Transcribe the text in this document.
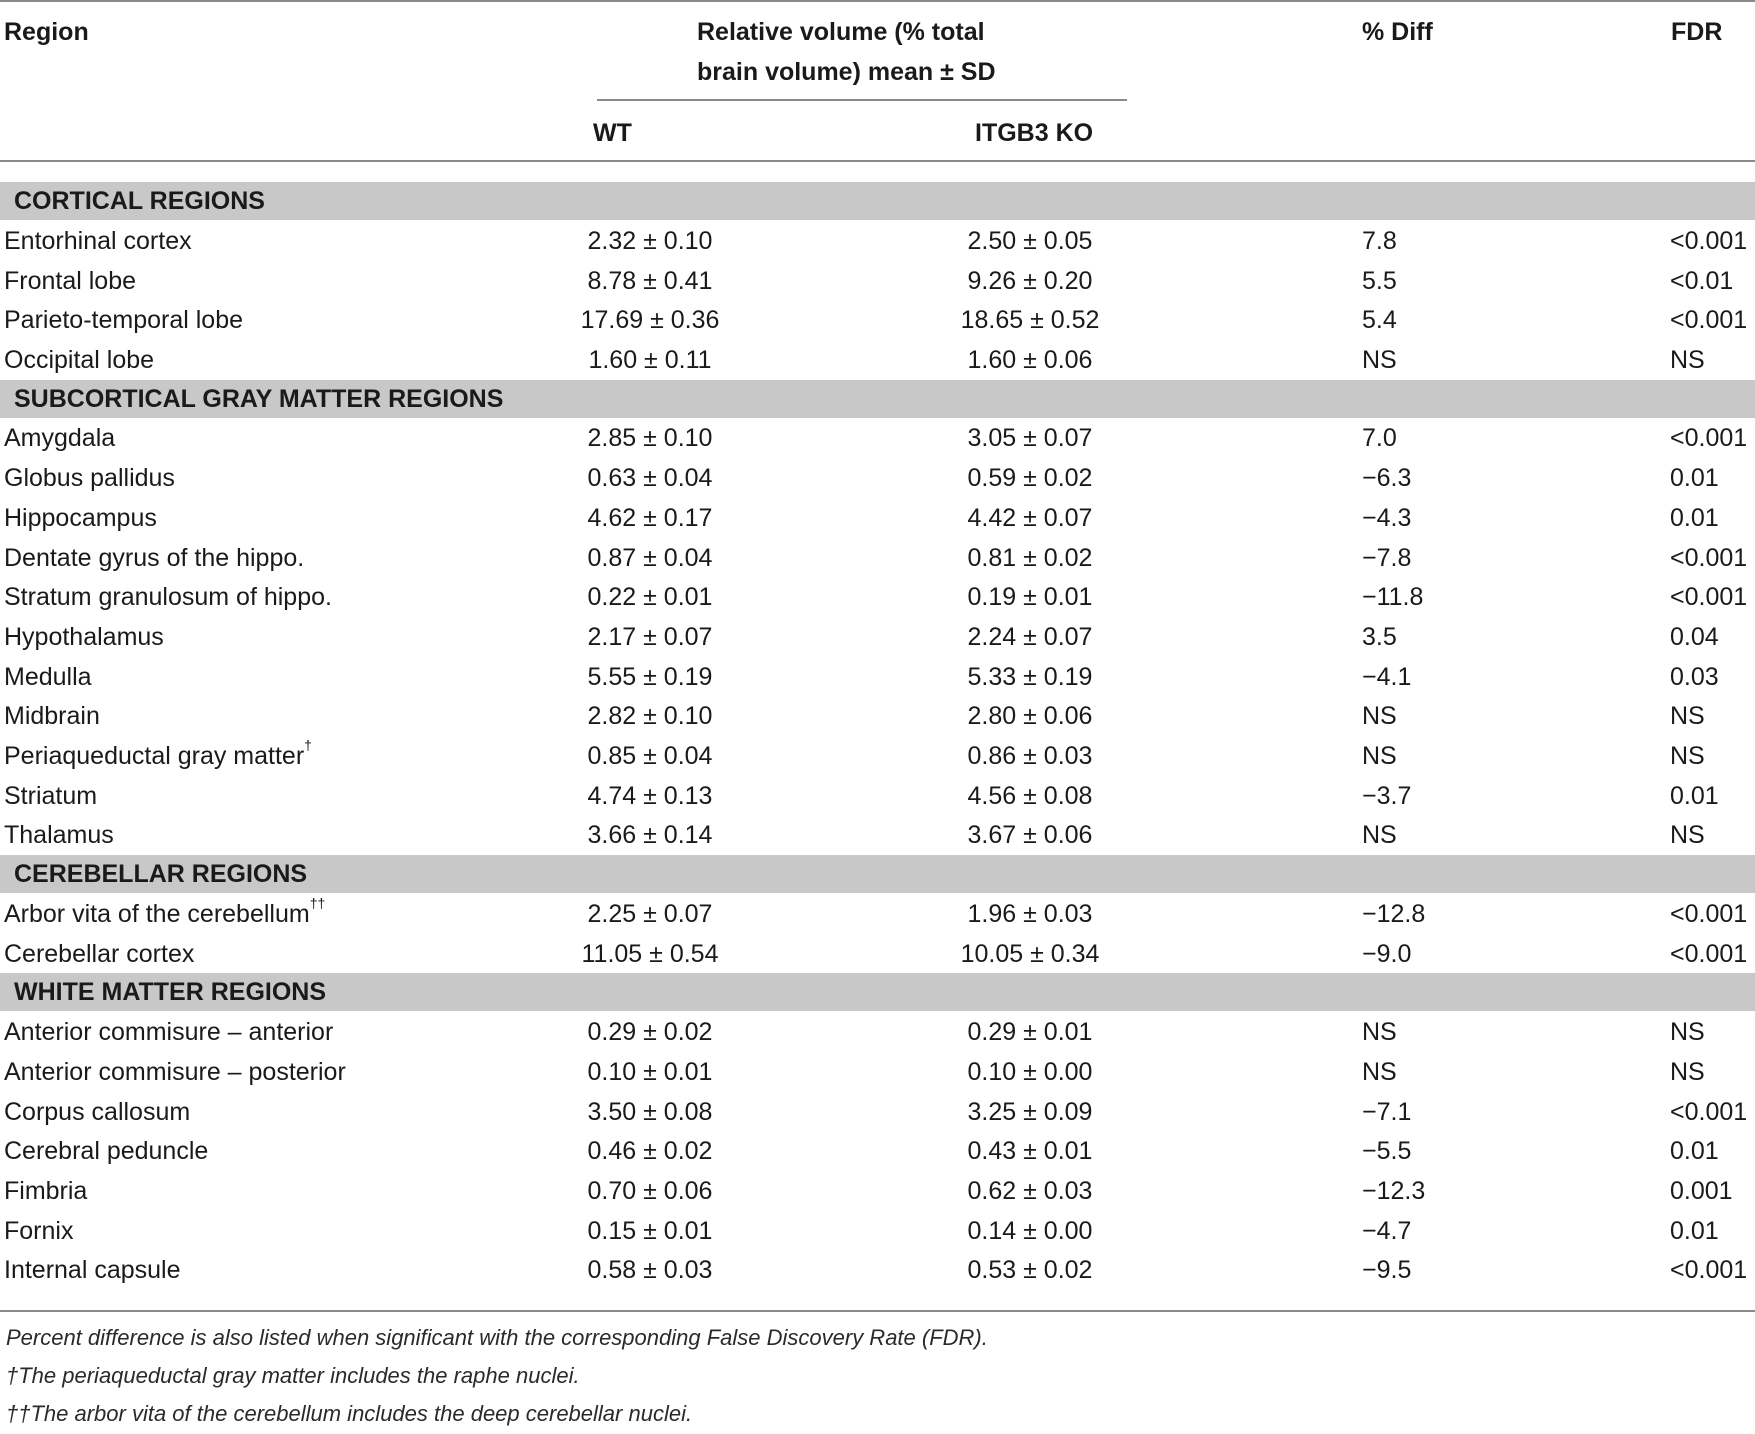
Region	Relative volume (% total
brain volume) mean ± SD
WT	ITGB3 KO
% Diff	FDR
CORTICAL REGIONS
Entorhinal cortex	2.32 ± 0.10	2.50 ± 0.05	7.8	<0.001
Frontal lobe	8.78 ± 0.41	9.26 ± 0.20	5.5	<0.01
Parieto-temporal lobe	17.69 ± 0.36	18.65 ± 0.52	5.4	<0.001
Occipital lobe	1.60 ± 0.11	1.60 ± 0.06	NS	NS
SUBCORTICAL GRAY MATTER REGIONS
Amygdala	2.85 ± 0.10	3.05 ± 0.07	7.0	<0.001
Globus pallidus	0.63 ± 0.04	0.59 ± 0.02	−6.3	0.01
Hippocampus	4.62 ± 0.17	4.42 ± 0.07	−4.3	0.01
Dentate gyrus of the hippo.	0.87 ± 0.04	0.81 ± 0.02	−7.8	<0.001
Stratum granulosum of hippo.	0.22 ± 0.01	0.19 ± 0.01	−11.8	<0.001
Hypothalamus	2.17 ± 0.07	2.24 ± 0.07	3.5	0.04
Medulla	5.55 ± 0.19	5.33 ± 0.19	−4.1	0.03
Midbrain	2.82 ± 0.10	2.80 ± 0.06	NS	NS
Periaqueductal gray matter†	0.85 ± 0.04	0.86 ± 0.03	NS	NS
Striatum	4.74 ± 0.13	4.56 ± 0.08	−3.7	0.01
Thalamus	3.66 ± 0.14	3.67 ± 0.06	NS	NS
CEREBELLAR REGIONS
Arbor vita of the cerebellum††	2.25 ± 0.07	1.96 ± 0.03	−12.8	<0.001
Cerebellar cortex	11.05 ± 0.54	10.05 ± 0.34	−9.0	<0.001
WHITE MATTER REGIONS
Anterior commisure – anterior	0.29 ± 0.02	0.29 ± 0.01	NS	NS
Anterior commisure – posterior	0.10 ± 0.01	0.10 ± 0.00	NS	NS
Corpus callosum	3.50 ± 0.08	3.25 ± 0.09	−7.1	<0.001
Cerebral peduncle	0.46 ± 0.02	0.43 ± 0.01	−5.5	0.01
Fimbria	0.70 ± 0.06	0.62 ± 0.03	−12.3	0.001
Fornix	0.15 ± 0.01	0.14 ± 0.00	−4.7	0.01
Internal capsule	0.58 ± 0.03	0.53 ± 0.02	−9.5	<0.001
Percent difference is also listed when significant with the corresponding False Discovery Rate (FDR).
†The periaqueductal gray matter includes the raphe nuclei.
††The arbor vita of the cerebellum includes the deep cerebellar nuclei.
